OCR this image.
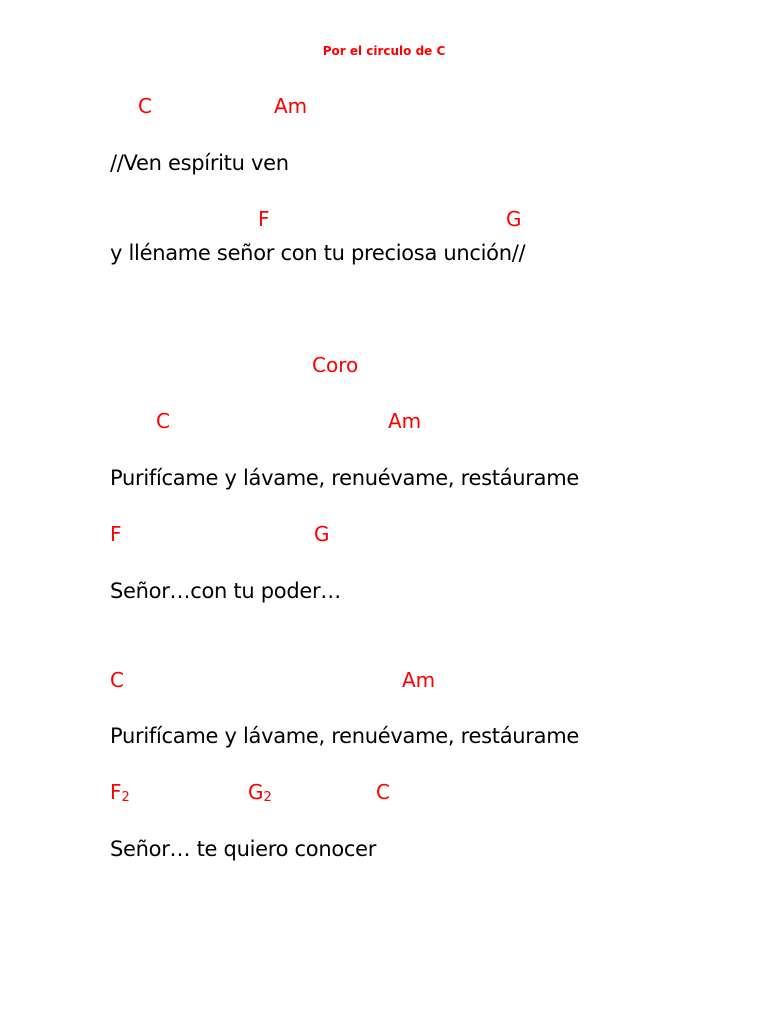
Por el circulo de C
C	Am
//Ven espíritu ven
F	G
y lléname señor con tu preciosa unción//
Coro
C	Am
Purifícame y lávame, renuévame, restáurame
F	G
Señor…con tu poder…
C	Am
Purifícame y lávame, renuévame, restáurame
$F_2$	$G_2$	C
Señor… te quiero conocer
